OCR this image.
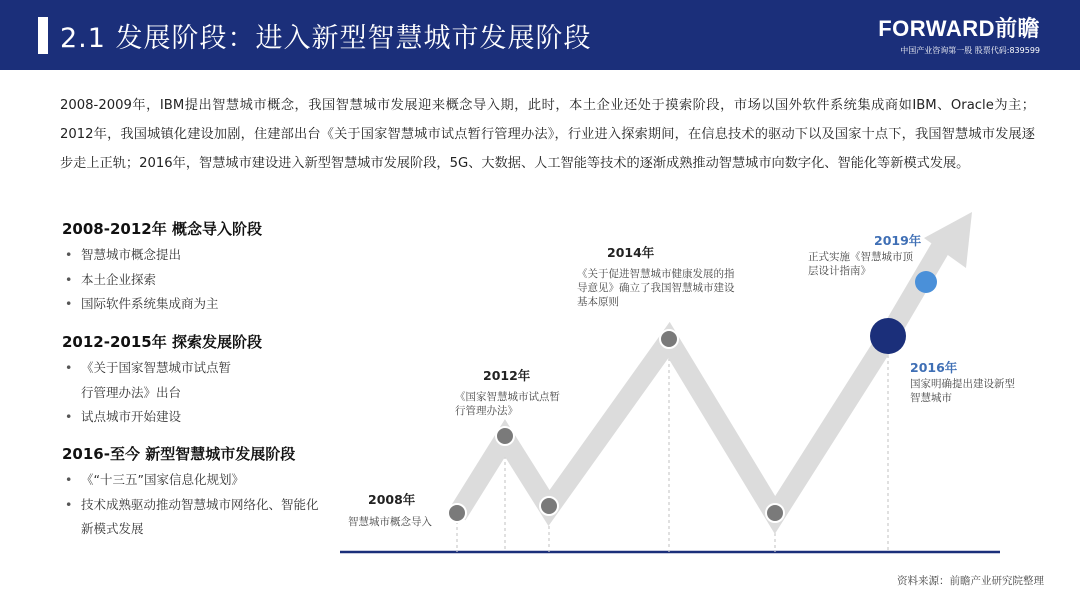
2.1 发展阶段：进入新型智慧城市发展阶段	FORWARD前瞻
中国产业咨询第一股 股票代码:839599
2008-2009年，IBM提出智慧城市概念，我国智慧城市发展迎来概念导入期，此时，本土企业还处于摸索阶段，市场以国外软件系统集成商如IBM、Oracle为主；2012年，我国城镇化建设加剧，住建部出台《关于国家智慧城市试点暂行管理办法》，行业进入探索期间，在信息技术的驱动下以及国家十点下，我国智慧城市发展逐步走上正轨；2016年，智慧城市建设进入新型智慧城市发展阶段，5G、大数据、人工智能等技术的逐渐成熟推动智慧城市向数字化、智能化等新模式发展。
2008-2012年 概念导入阶段
• 智慧城市概念提出
• 本土企业探索
• 国际软件系统集成商为主
2012-2015年 探索发展阶段
• 《关于国家智慧城市试点暂行管理办法》出台
• 试点城市开始建设
2016-至今 新型智慧城市发展阶段
• 《“十三五”国家信息化规划》
• 技术成熟驱动推动智慧城市网络化、智能化新模式发展
2008年
智慧城市概念导入
2012年
《国家智慧城市试点暂行管理办法》
2014年
《关于促进智慧城市健康发展的指导意见》确立了我国智慧城市建设基本原则
2016年
国家明确提出建设新型智慧城市
2019年
正式实施《智慧城市顶层设计指南》
资料来源：前瞻产业研究院整理
